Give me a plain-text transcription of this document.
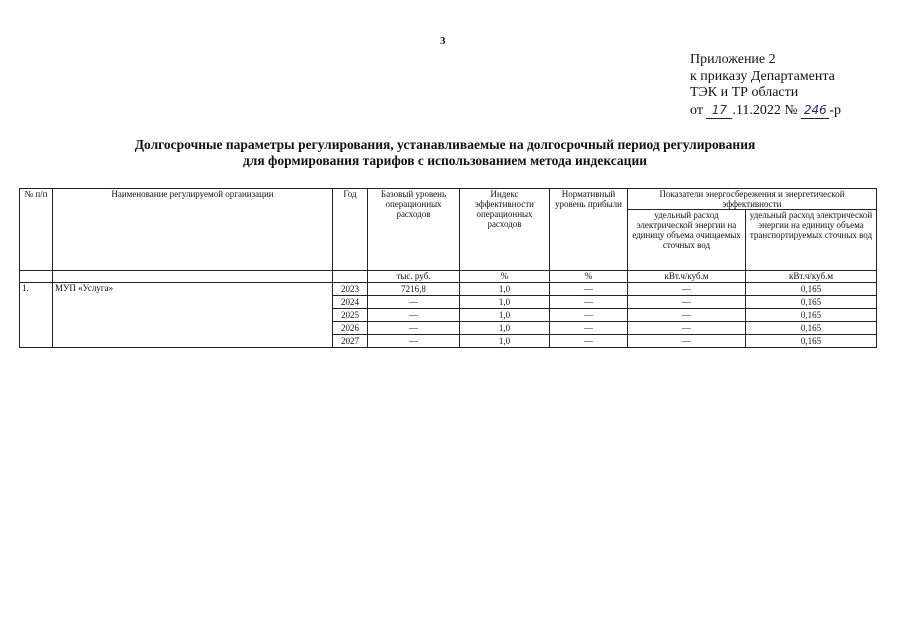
3
Приложение 2
к приказу Департамента
ТЭК и ТР области
от 17 .11.2022 № 246 -р
Долгосрочные параметры регулирования, устанавливаемые на долгосрочный период регулирования
для формирования тарифов с использованием метода индексации
№ п/п	Наименование регулируемой организации	Год	Базовый уровень операционных расходов	Индекс эффективности операционных расходов	Нормативный уровень прибыли	Показатели энергосбережения и энергетической эффективности	
						удельный расход электрической энергии на единицу объема очищаемых сточных вод	удельный расход электрической энергии на единицу объема транспортируемых сточных вод
			тыс. руб.	%	%	кВт.ч/куб.м	кВт.ч/куб.м
1.	МУП «Услуга»	2023	7216,8	1,0	—	—	0,165
		2024	—	1,0	—	—	0,165
		2025	—	1,0	—	—	0,165
		2026	—	1,0	—	—	0,165
		2027	—	1,0	—	—	0,165
